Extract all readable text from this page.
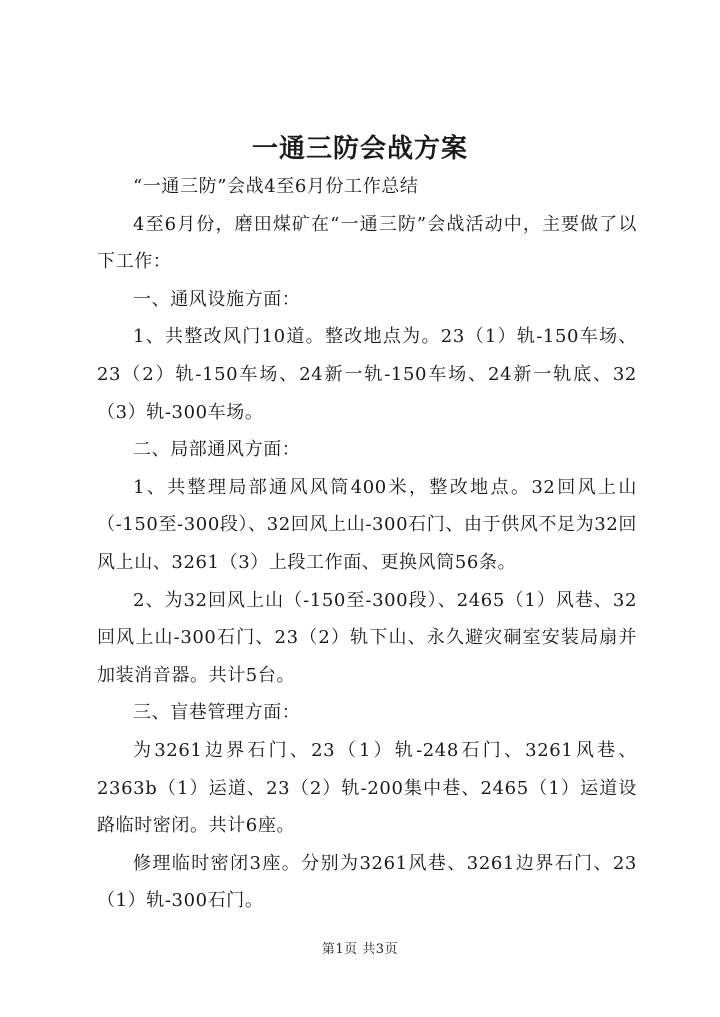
一通三防会战方案

“一通三防”会战4至6月份工作总结

4至6月份，磨田煤矿在“一通三防”会战活动中，主要做了以下工作：

一、通风设施方面：

1、共整改风门10道。整改地点为。23（1）轨-150车场、23（2）轨-150车场、24新一轨-150车场、24新一轨底、32（3）轨-300车场。

二、局部通风方面：

1、共整理局部通风风筒400米，整改地点。32回风上山（-150至-300段）、32回风上山-300石门、由于供风不足为32回风上山、3261（3）上段工作面、更换风筒56条。

2、为32回风上山（-150至-300段）、2465（1）风巷、32回风上山-300石门、23（2）轨下山、永久避灾硐室安装局扇并加装消音器。共计5台。

三、盲巷管理方面：

为3261边界石门、23（1）轨-248石门、3261风巷、2363b（1）运道、23（2）轨-200集中巷、2465（1）运道设路临时密闭。共计6座。

修理临时密闭3座。分别为3261风巷、3261边界石门、23（1）轨-300石门。

第1页 共3页
